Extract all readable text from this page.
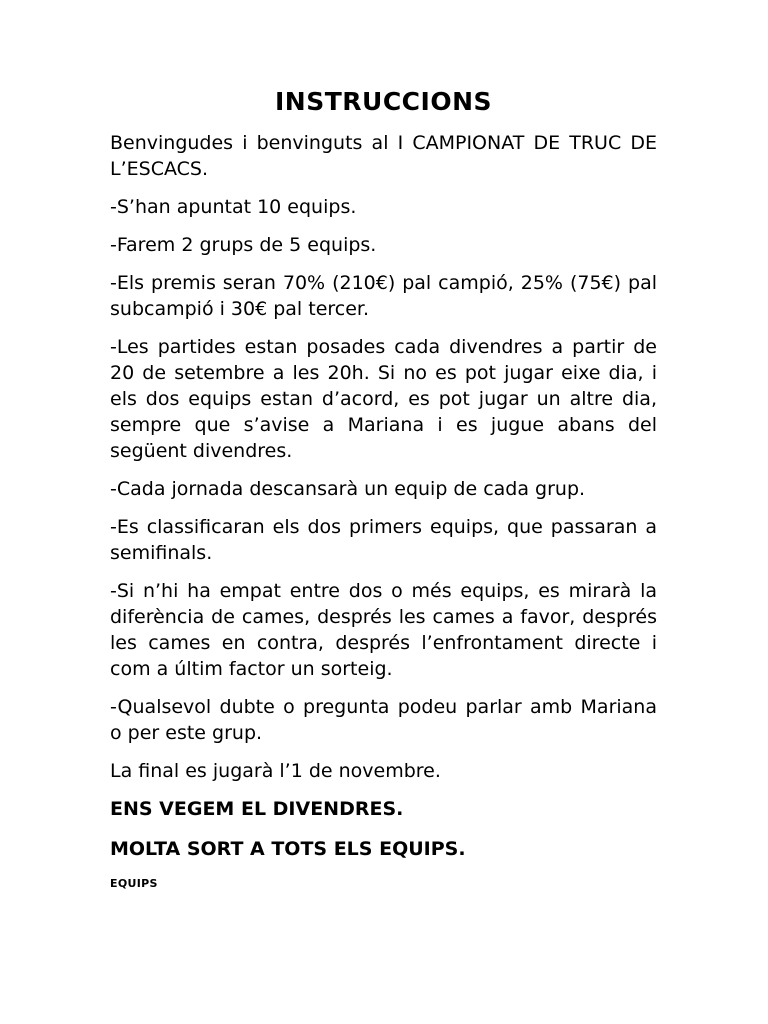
INSTRUCCIONS

Benvingudes i benvinguts al I CAMPIONAT DE TRUC DE L’ESCACS.

-S’han apuntat 10 equips.

-Farem 2 grups de 5 equips.

-Els premis seran 70% (210€) pal campió, 25% (75€) pal subcampió i 30€ pal tercer.

-Les partides estan posades cada divendres a partir de 20 de setembre a les 20h. Si no es pot jugar eixe dia, i els dos equips estan d’acord, es pot jugar un altre dia, sempre que s’avise a Mariana i es jugue abans del següent divendres.

-Cada jornada descansarà un equip de cada grup.

-Es classificaran els dos primers equips, que passaran a semifinals.

-Si n’hi ha empat entre dos o més equips, es mirarà la diferència de cames, després les cames a favor, després les cames en contra, després l’enfrontament directe i com a últim factor un sorteig.

-Qualsevol dubte o pregunta podeu parlar amb Mariana o per este grup.

La final es jugarà l’1 de novembre.

ENS VEGEM EL DIVENDRES.

MOLTA SORT A TOTS ELS EQUIPS.

EQUIPS
